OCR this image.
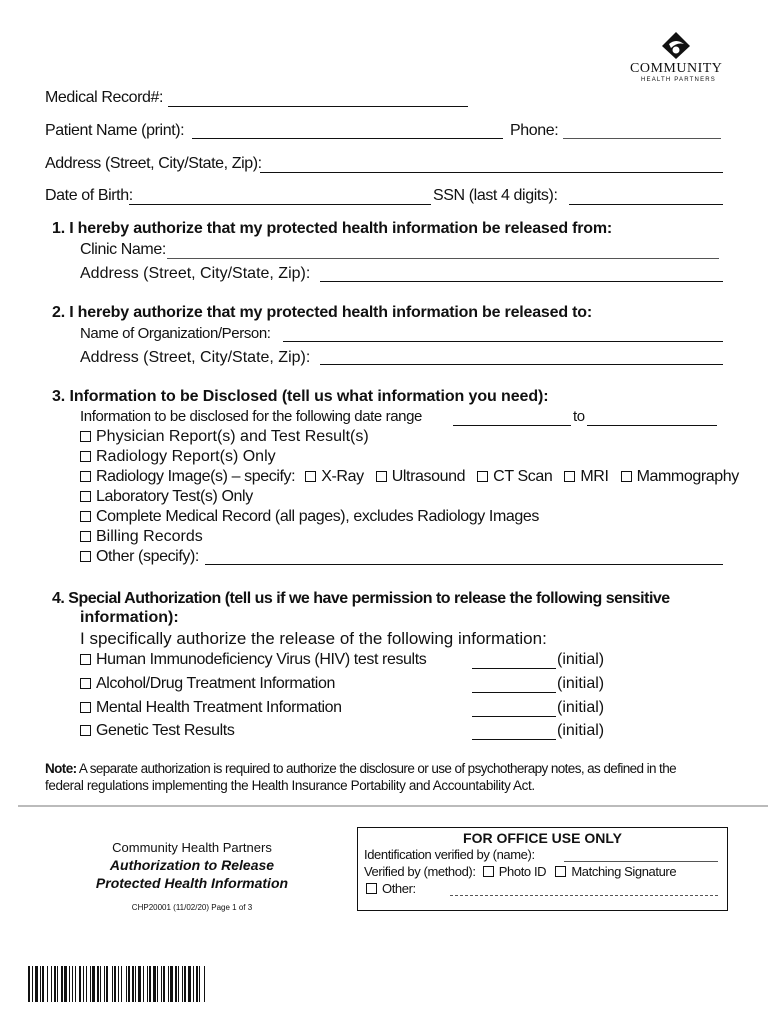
COMMUNITY
HEALTH PARTNERS
Medical Record#:
Patient Name (print):	Phone:
Address (Street, City/State, Zip):
Date of Birth:	SSN (last 4 digits):
1. I hereby authorize that my protected health information be released from:
Clinic Name:
Address (Street, City/State, Zip):
2. I hereby authorize that my protected health information be released to:
Name of Organization/Person:
Address (Street, City/State, Zip):
3. Information to be Disclosed (tell us what information you need):
Information to be disclosed for the following date range	to
Physician Report(s) and Test Result(s)
Radiology Report(s) Only
Radiology Image(s) – specify: X-Ray Ultrasound CT Scan MRI Mammography
Laboratory Test(s) Only
Complete Medical Record (all pages), excludes Radiology Images
Billing Records
Other (specify):
4. Special Authorization (tell us if we have permission to release the following sensitive
information):
I specifically authorize the release of the following information:
Human Immunodeficiency Virus (HIV) test results	(initial)
Alcohol/Drug Treatment Information	(initial)
Mental Health Treatment Information	(initial)
Genetic Test Results	(initial)
Note: A separate authorization is required to authorize the disclosure or use of psychotherapy notes, as defined in the
federal regulations implementing the Health Insurance Portability and Accountability Act.
Community Health Partners
Authorization to Release
Protected Health Information
CHP20001 (11/02/20) Page 1 of 3
FOR OFFICE USE ONLY
Identification verified by (name):
Verified by (method): Photo ID Matching Signature
Other:
